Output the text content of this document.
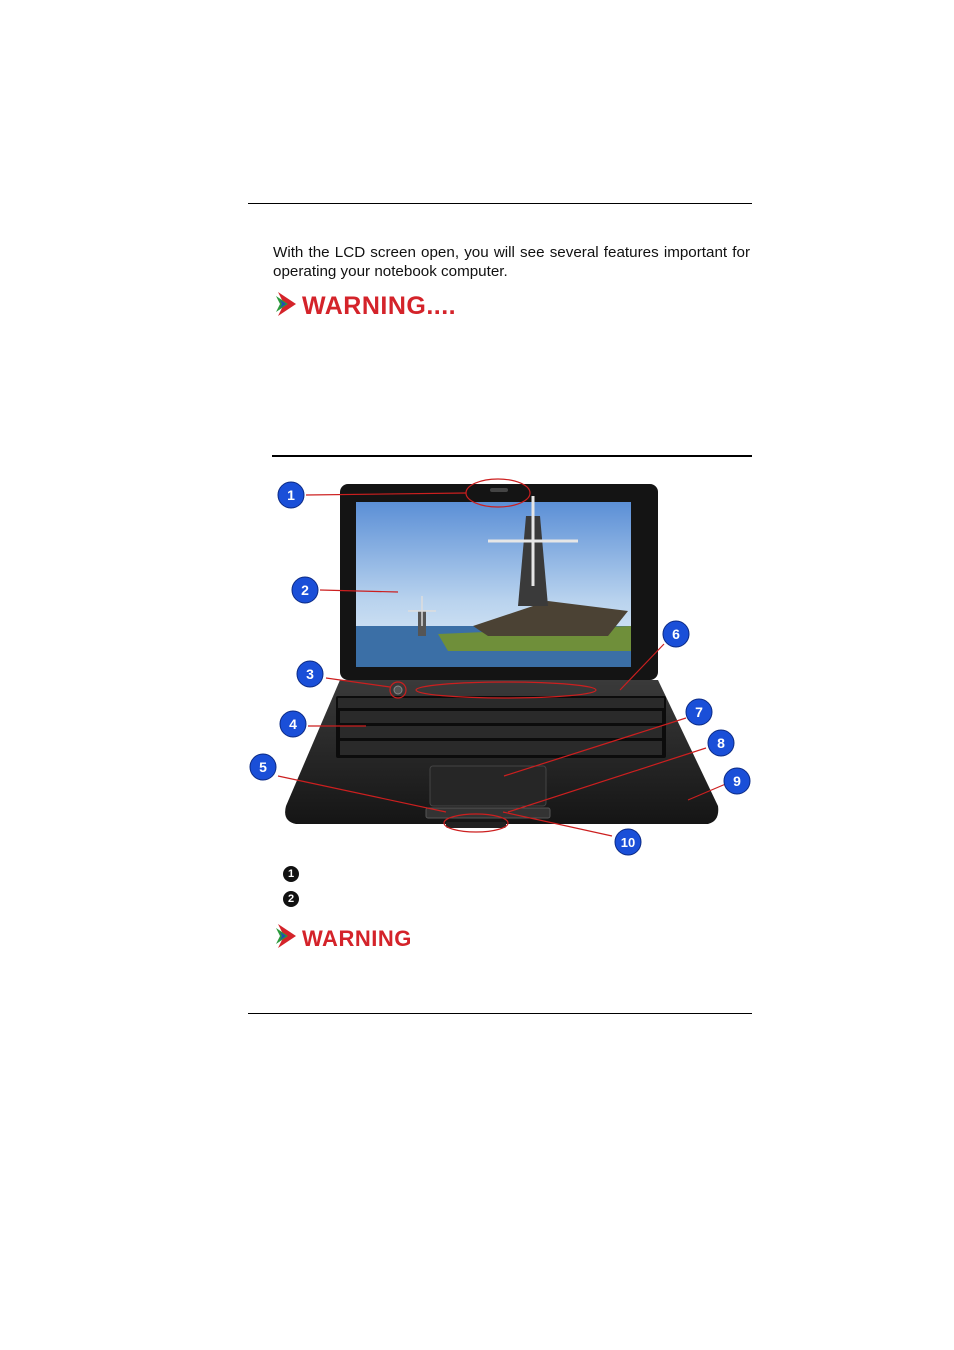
With the LCD screen open, you will see several features important for operating your notebook computer.

WARNING....
1
2
3
4
5
6
7
8
9
10
1
2
WARNING
